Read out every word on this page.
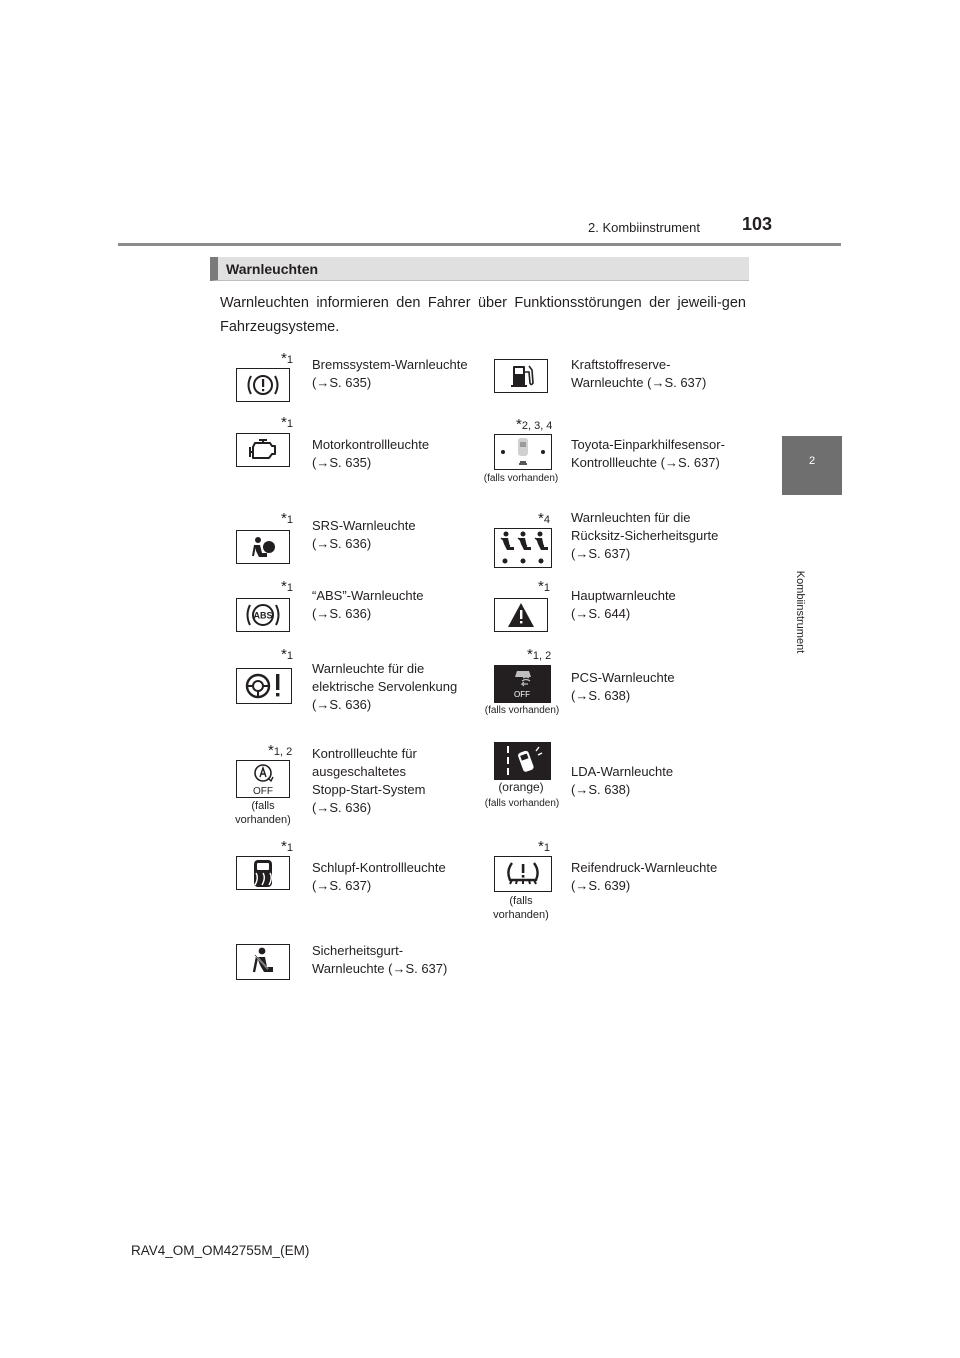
2. Kombiinstrument 103
2
Kombiinstrument
Warnleuchten
Warnleuchten informieren den Fahrer über Funktionsstörungen der jeweili-gen Fahrzeugsysteme.
*1 Bremssystem-Warnleuchte
(→S. 635)
Kraftstoffreserve-
Warnleuchte (→S. 637)
*1
Motorkontrollleuchte
(→S. 635)
*2, 3, 4
(falls vorhanden)
Toyota-Einparkhilfesensor-
Kontrollleuchte (→S. 637)
*1 SRS-Warnleuchte
(→S. 636)
*4 Warnleuchten für die
Rücksitz-Sicherheitsgurte
(→S. 637)
*1
ABS
“ABS”-Warnleuchte
(→S. 636)
*1 Hauptwarnleuchte
(→S. 644)
*1
Warnleuchte für die
elektrische Servolenkung
(→S. 636)
*1, 2
OFF
(falls vorhanden)
PCS-Warnleuchte
(→S. 638)
*1, 2
OFF
(falls vorhanden)
Kontrollleuchte für
ausgeschaltetes
Stopp-Start-System
(→S. 636)
(orange)
(falls vorhanden)
LDA-Warnleuchte
(→S. 638)
*1
Schlupf-Kontrollleuchte
(→S. 637)
*1
(falls vorhanden)
Reifendruck-Warnleuchte
(→S. 639)
Sicherheitsgurt-
Warnleuchte (→S. 637)
RAV4_OM_OM42755M_(EM)
